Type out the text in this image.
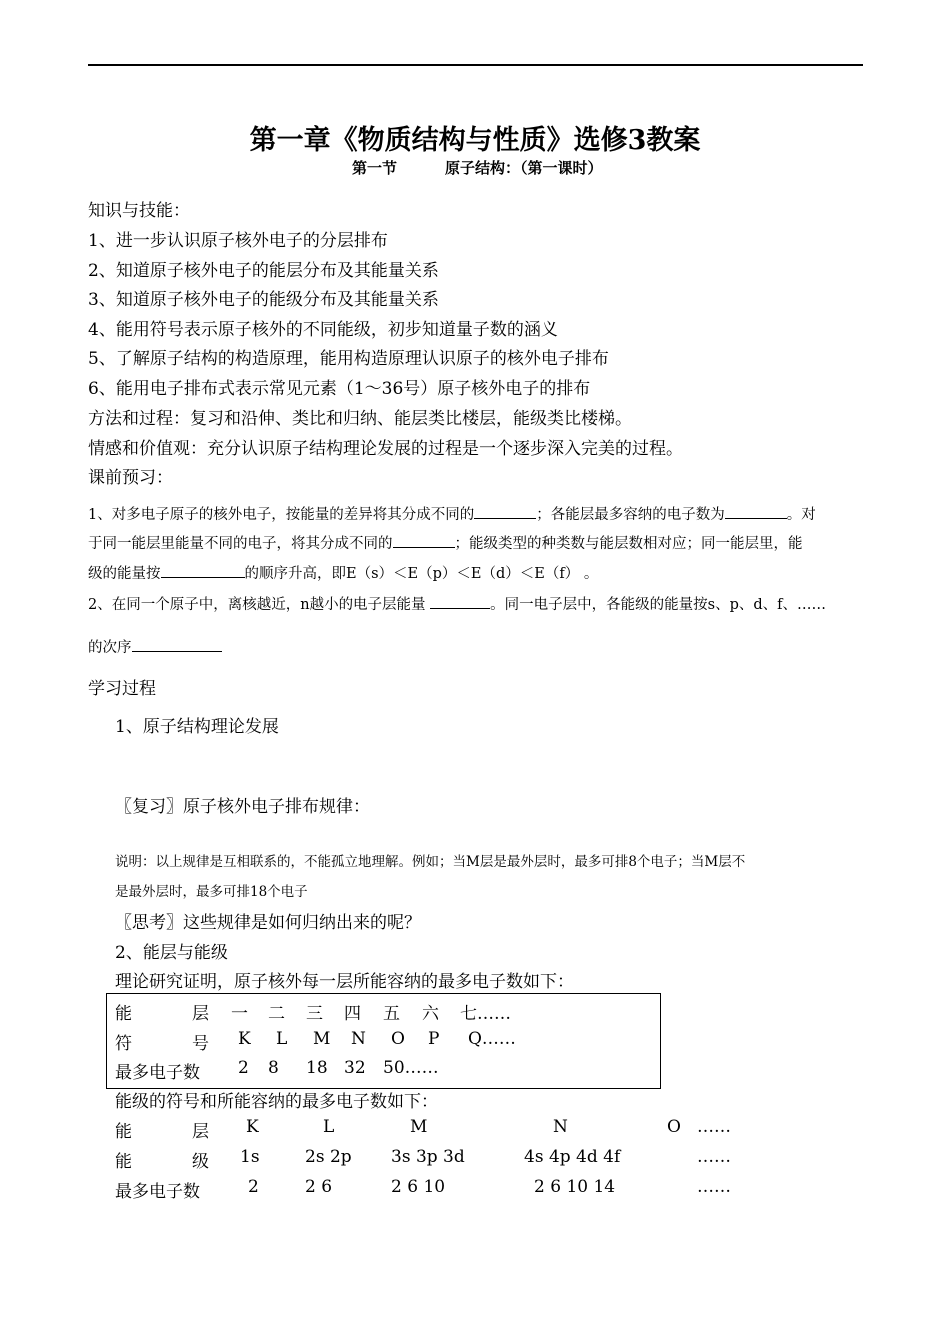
第一章《物质结构与性质》选修3教案
第一节	原子结构：（第一课时）
知识与技能：
1、进一步认识原子核外电子的分层排布
2、知道原子核外电子的能层分布及其能量关系
3、知道原子核外电子的能级分布及其能量关系
4、能用符号表示原子核外的不同能级，初步知道量子数的涵义
5、了解原子结构的构造原理，能用构造原理认识原子的核外电子排布
6、能用电子排布式表示常见元素（1～36号）原子核外电子的排布
方法和过程：复习和沿伸、类比和归纳、能层类比楼层，能级类比楼梯。
情感和价值观：充分认识原子结构理论发展的过程是一个逐步深入完美的过程。
课前预习：
1、对多电子原子的核外电子，按能量的差异将其分成不同的	；各能层最多容纳的电子数为	。对
于同一能层里能量不同的电子，将其分成不同的	；能级类型的种类数与能层数相对应；同一能层里，能
级的能量按	的顺序升高，即E（s）＜E（p）＜E（d）＜E（f） 。
2、在同一个原子中，离核越近，n越小的电子层能量	。同一电子层中，各能级的能量按s、p、d、f、……
的次序
学习过程
1、原子结构理论发展
〖复习〗原子核外电子排布规律：
说明：以上规律是互相联系的，不能孤立地理解。例如；当M层是最外层时，最多可排8个电子；当M层不
是最外层时，最多可排18个电子
〖思考〗这些规律是如何归纳出来的呢？
2、能层与能级
理论研究证明，原子核外每一层所能容纳的最多电子数如下：
能	层 一 二 三 四 五 六 七……
符	号 K L M N O P Q……
最多电子数 2 8 18 32 50……
能级的符号和所能容纳的最多电子数如下：
能	层 K	L	M	N	O ……
能	级 1s	2s 2p 3s 3p 3d	4s 4p 4d 4f	……
最多电子数	2	2 6	2 6 10	2 6 10 14	……
